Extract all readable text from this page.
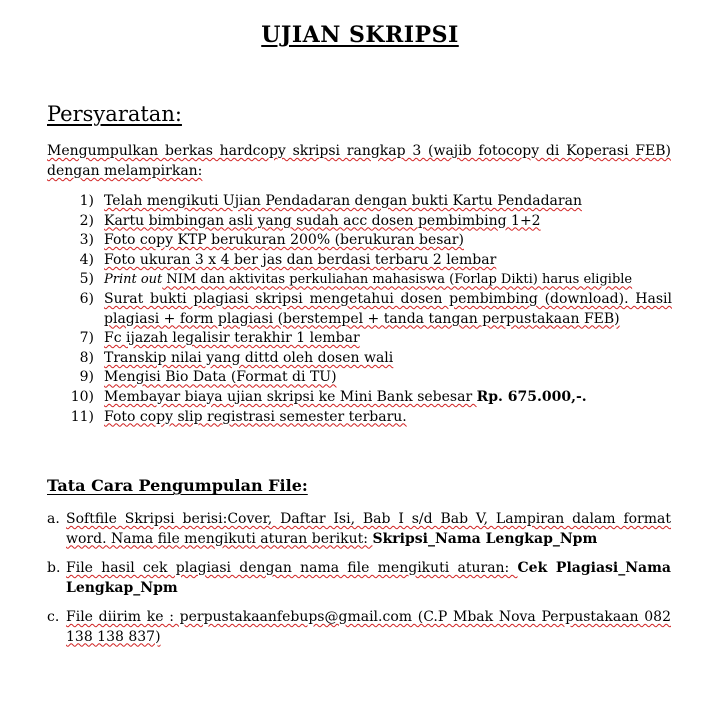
UJIAN SKRIPSI
Persyaratan:
Mengumpulkan berkas hardcopy skripsi rangkap 3 (wajib fotocopy di Koperasi FEB) dengan melampirkan:
1) Telah mengikuti Ujian Pendadaran dengan bukti Kartu Pendadaran
2) Kartu bimbingan asli yang sudah acc dosen pembimbing 1+2
3) Foto copy KTP berukuran 200% (berukuran besar)
4) Foto ukuran 3 x 4 ber jas dan berdasi terbaru 2 lembar
5) Print out NIM dan aktivitas perkuliahan mahasiswa (Forlap Dikti) harus eligible
6) Surat bukti plagiasi skripsi mengetahui dosen pembimbing (download). Hasil plagiasi + form plagiasi (berstempel + tanda tangan perpustakaan FEB)
7) Fc ijazah legalisir terakhir 1 lembar
8) Transkip nilai yang dittd oleh dosen wali
9) Mengisi Bio Data (Format di TU)
10) Membayar biaya ujian skripsi ke Mini Bank sebesar Rp. 675.000,-.
11) Foto copy slip registrasi semester terbaru.
Tata Cara Pengumpulan File:
a. Softfile Skripsi berisi:Cover, Daftar Isi, Bab I s/d Bab V, Lampiran dalam format word. Nama file mengikuti aturan berikut: Skripsi_Nama Lengkap_Npm
b. File hasil cek plagiasi dengan nama file mengikuti aturan: Cek Plagiasi_Nama Lengkap_Npm
c. File diirim ke : perpustakaanfebups@gmail.com (C.P Mbak Nova Perpustakaan 082 138 138 837)
